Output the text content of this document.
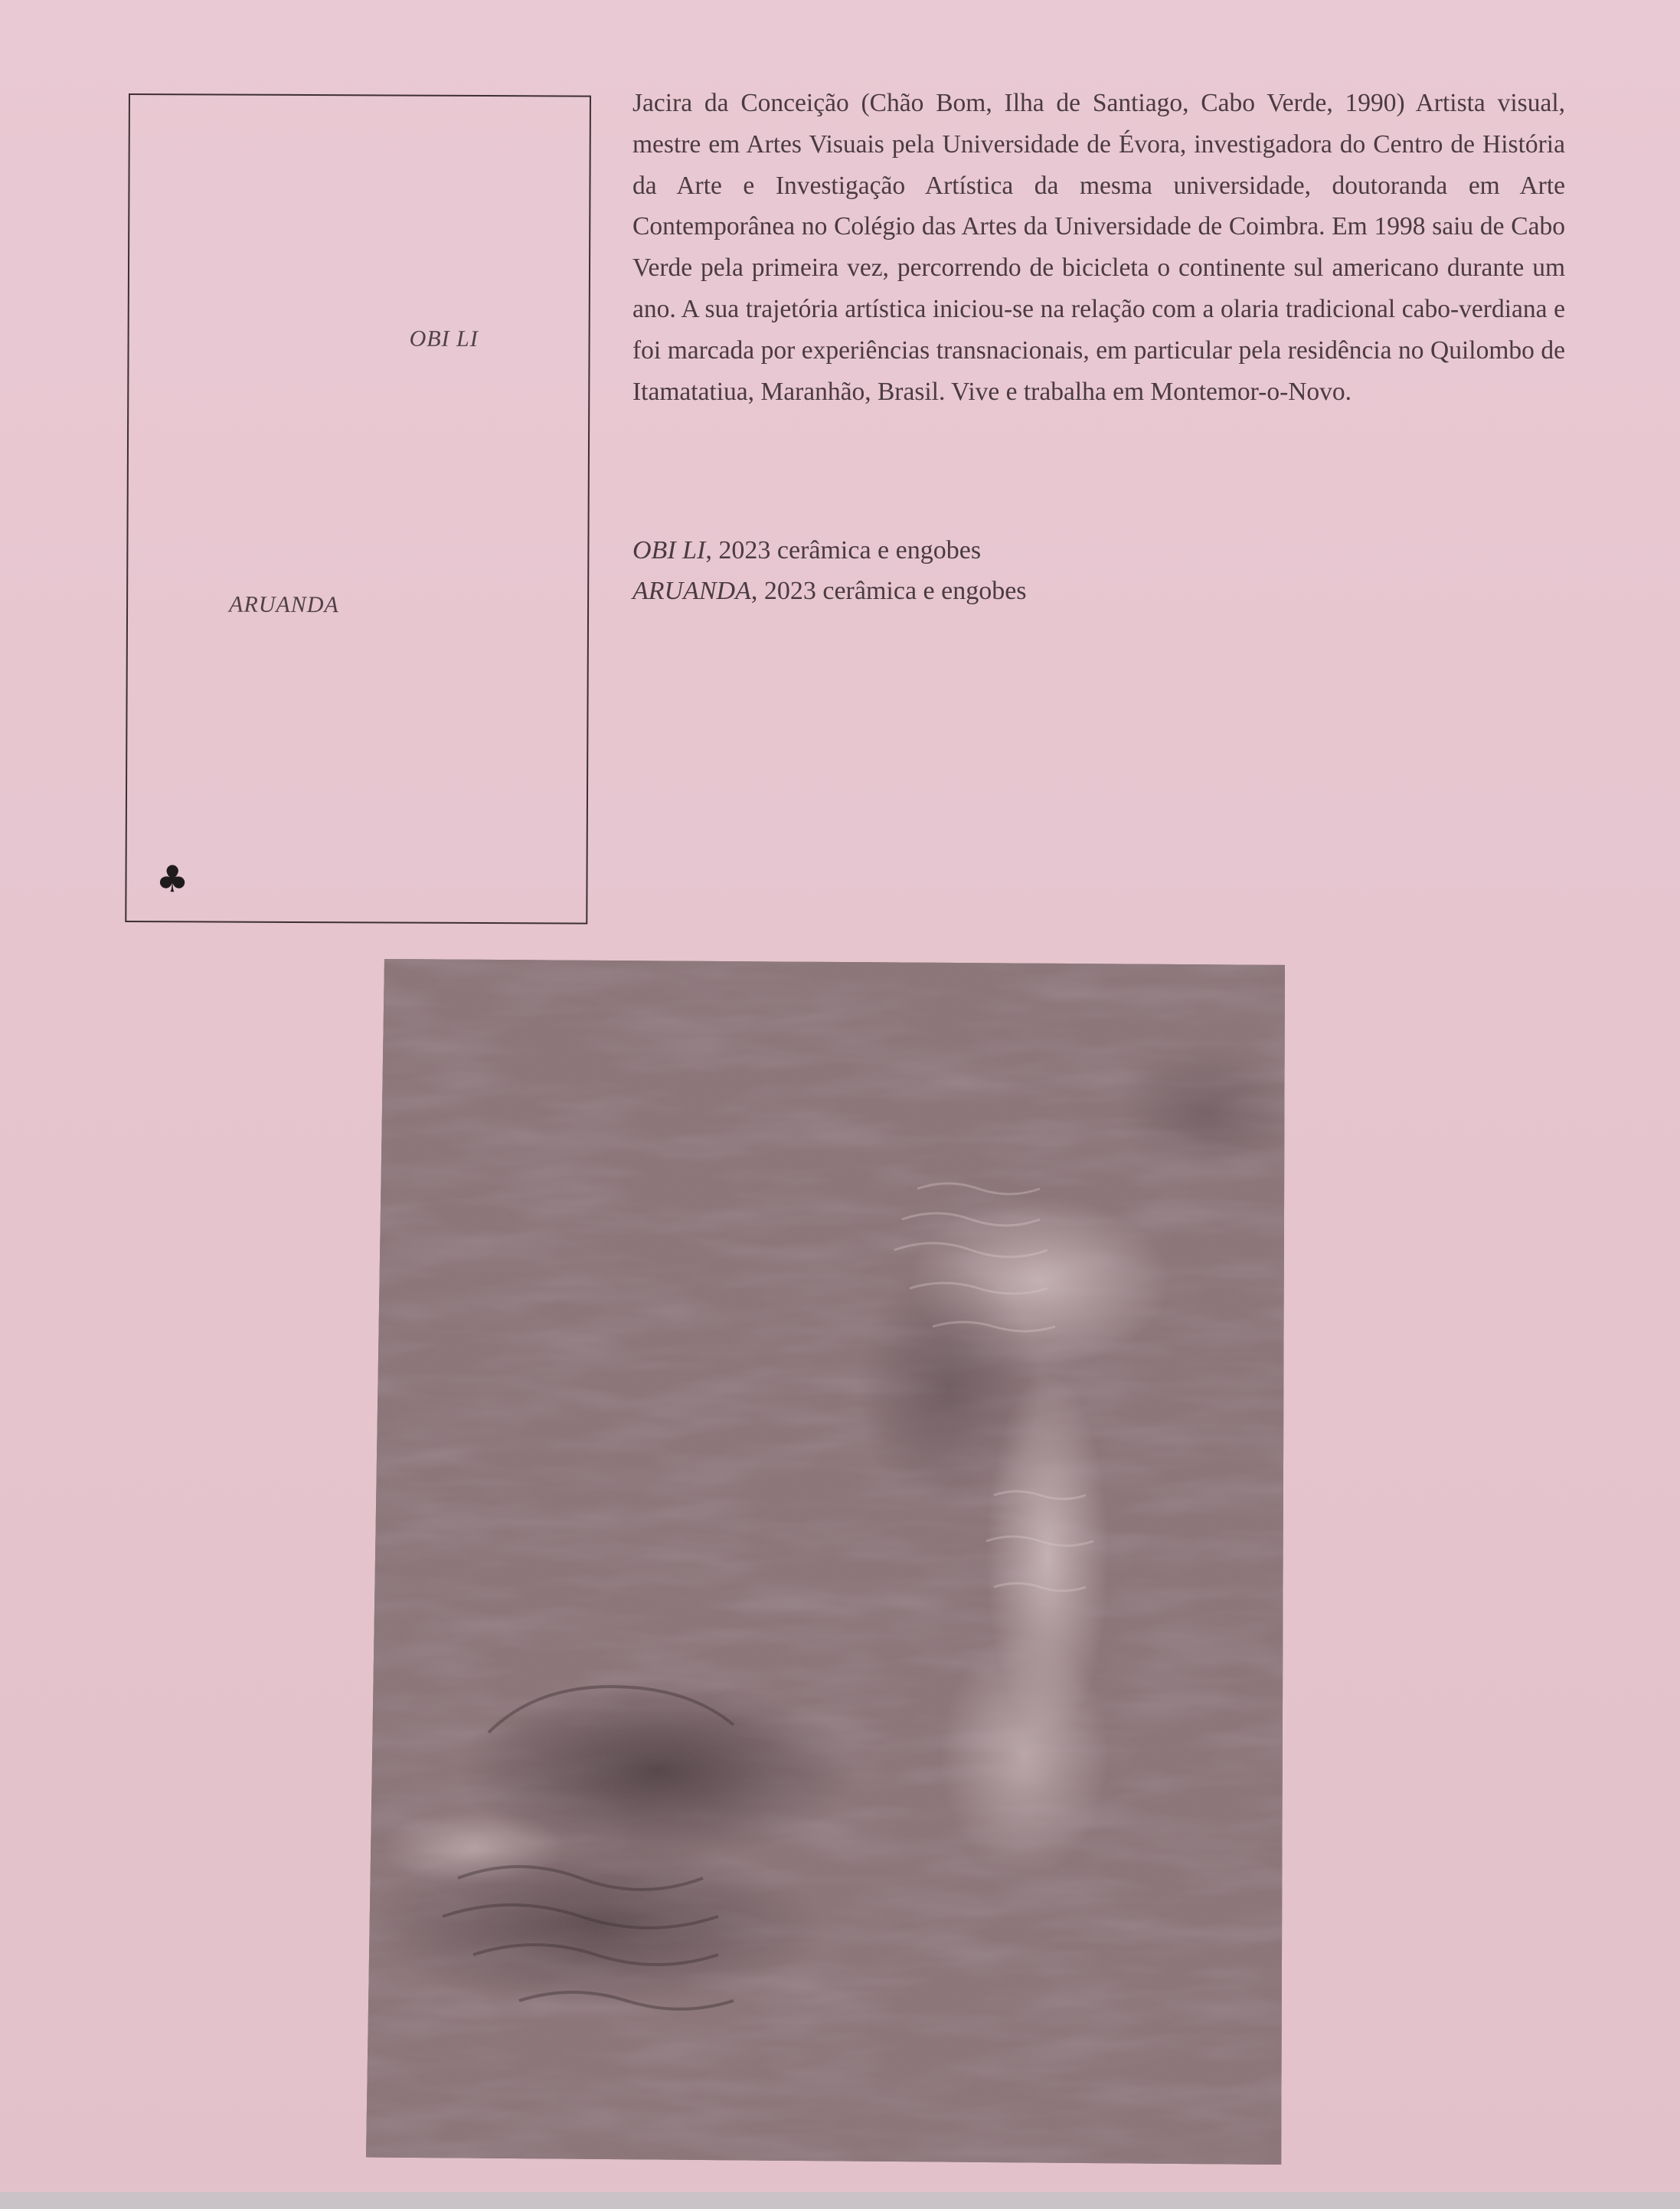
OBI LI
ARUANDA
♣

Jacira da Conceição (Chão Bom, Ilha de Santiago, Cabo Verde, 1990) Artista visual, mestre em Artes Visuais pela Universidade de Évora, investigadora do Centro de História da Arte e Investigação Artística da mesma universidade, doutoranda em Arte Contemporânea no Colégio das Artes da Universidade de Coimbra. Em 1998 saiu de Cabo Verde pela primeira vez, percorrendo de bicicleta o continente sul americano durante um ano. A sua trajetória artística iniciou-se na relação com a olaria tradicional cabo-verdiana e foi marcada por experiências transnacionais, em particular pela residência no Quilombo de Itamatatiua, Maranhão, Brasil. Vive e trabalha em Montemor-o-Novo.

OBI LI, 2023 cerâmica e engobes
ARUANDA, 2023 cerâmica e engobes
